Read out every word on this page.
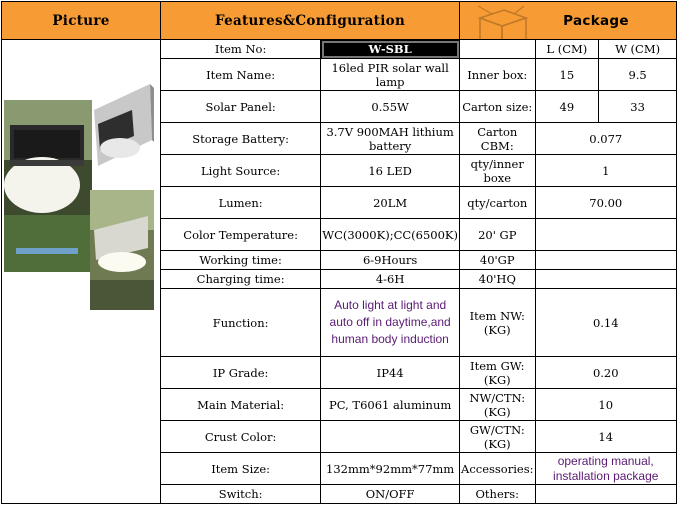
Picture	Features&Configuration		Package		

	Item No:	W-SBL		L (CM)	W (CM)
	Item Name:	16led PIR solar wall lamp	Inner box:	15	9.5
	Solar Panel:	0.55W	Carton size:	49	33
	Storage Battery:	3.7V 900MAH lithium battery	Carton CBM:	0.077	
	Light Source:	16 LED	qty/inner boxe	1	
	Lumen:	20LM	qty/carton	70.00	
	Color Temperature:	WC(3000K);CC(6500K)	20' GP		
	Working time:	6-9Hours	40'GP		
	Charging time:	4-6H	40'HQ		
	Function:	Auto light at light and auto off in daytime,and human body induction	Item NW:(KG)	0.14	
	IP Grade:	IP44	Item GW:(KG)	0.20	
	Main Material:	PC, T6061 aluminum	NW/CTN:(KG)	10	
	Crust Color:		GW/CTN:(KG)	14	
	Item Size:	132mm*92mm*77mm	Accessories:	operating manual, installation package	
	Switch:	ON/OFF	Others:		
